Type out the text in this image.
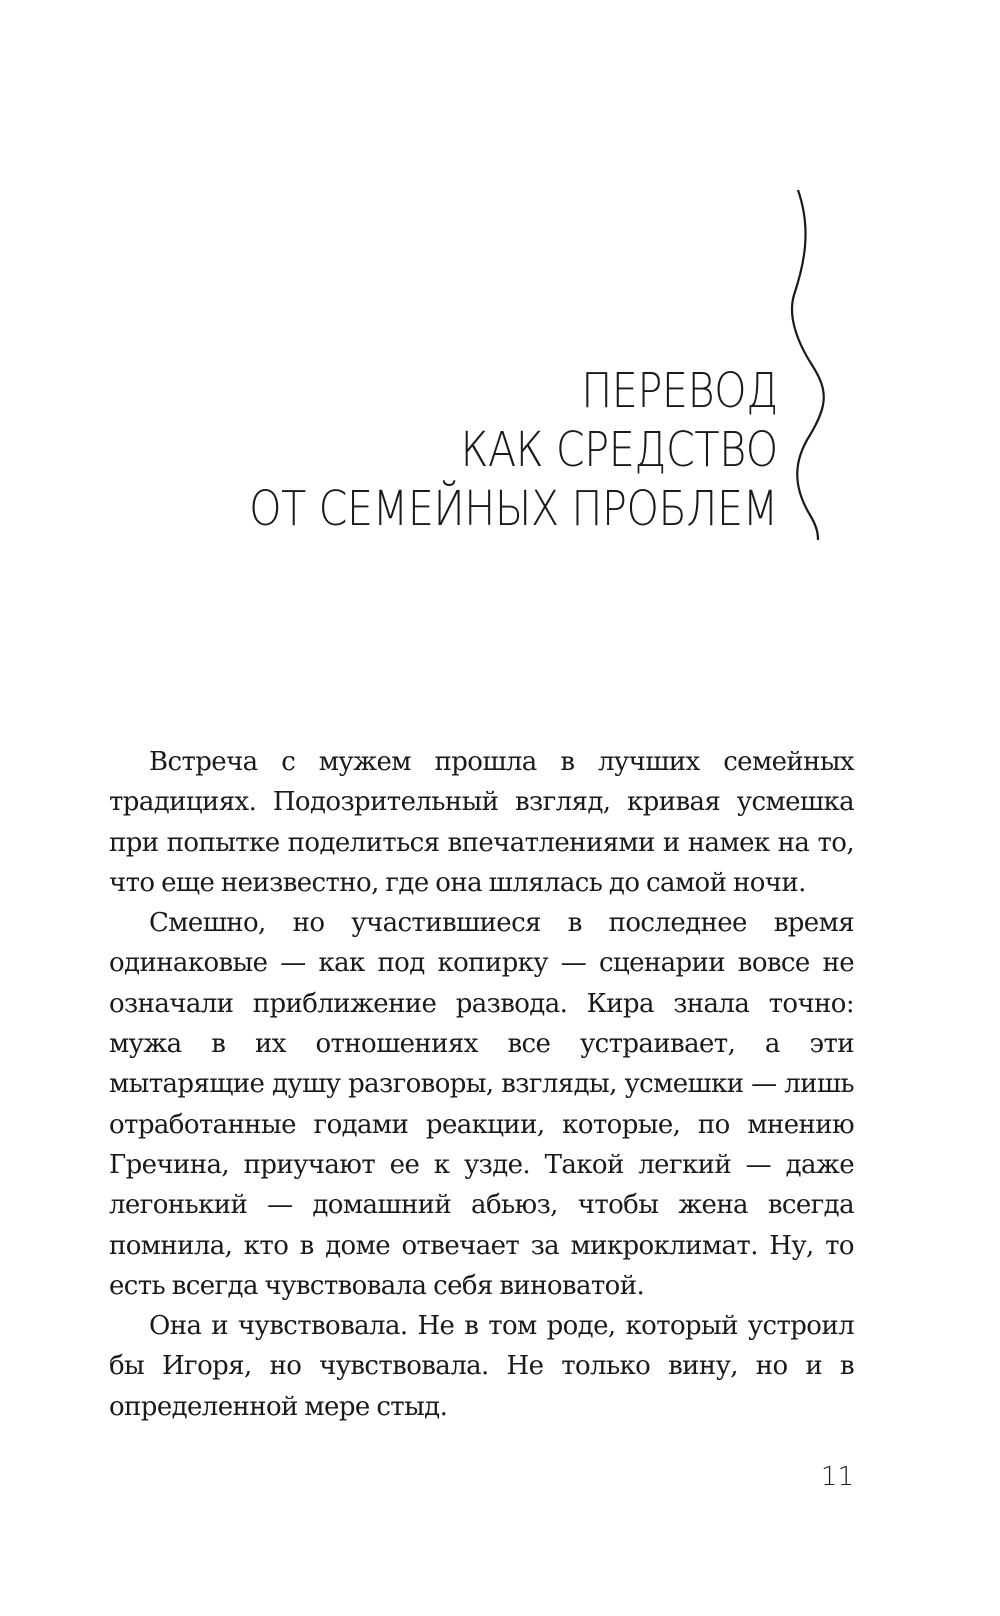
ПЕРЕВОД
КАК СРЕДСТВО
ОТ СЕМЕЙНЫХ ПРОБЛЕМ

Встреча с мужем прошла в лучших семейных традициях. Подозрительный взгляд, кривая усмешка при попытке поделиться впечатлениями и намек на то, что еще неизвестно, где она шлялась до самой ночи.

Смешно, но участившиеся в последнее время одинаковые — как под копирку — сценарии вовсе не означали приближение развода. Кира знала точно: мужа в их отношениях все устраивает, а эти мытарящие душу разговоры, взгляды, усмешки — лишь отработанные годами реакции, которые, по мнению Гречина, приучают ее к узде. Такой легкий — даже легонький — домашний абьюз, чтобы жена всегда помнила, кто в доме отвечает за микроклимат. Ну, то есть всегда чувствовала себя виноватой.

Она и чувствовала. Не в том роде, который устроил бы Игоря, но чувствовала. Не только вину, но и в определенной мере стыд.

11
